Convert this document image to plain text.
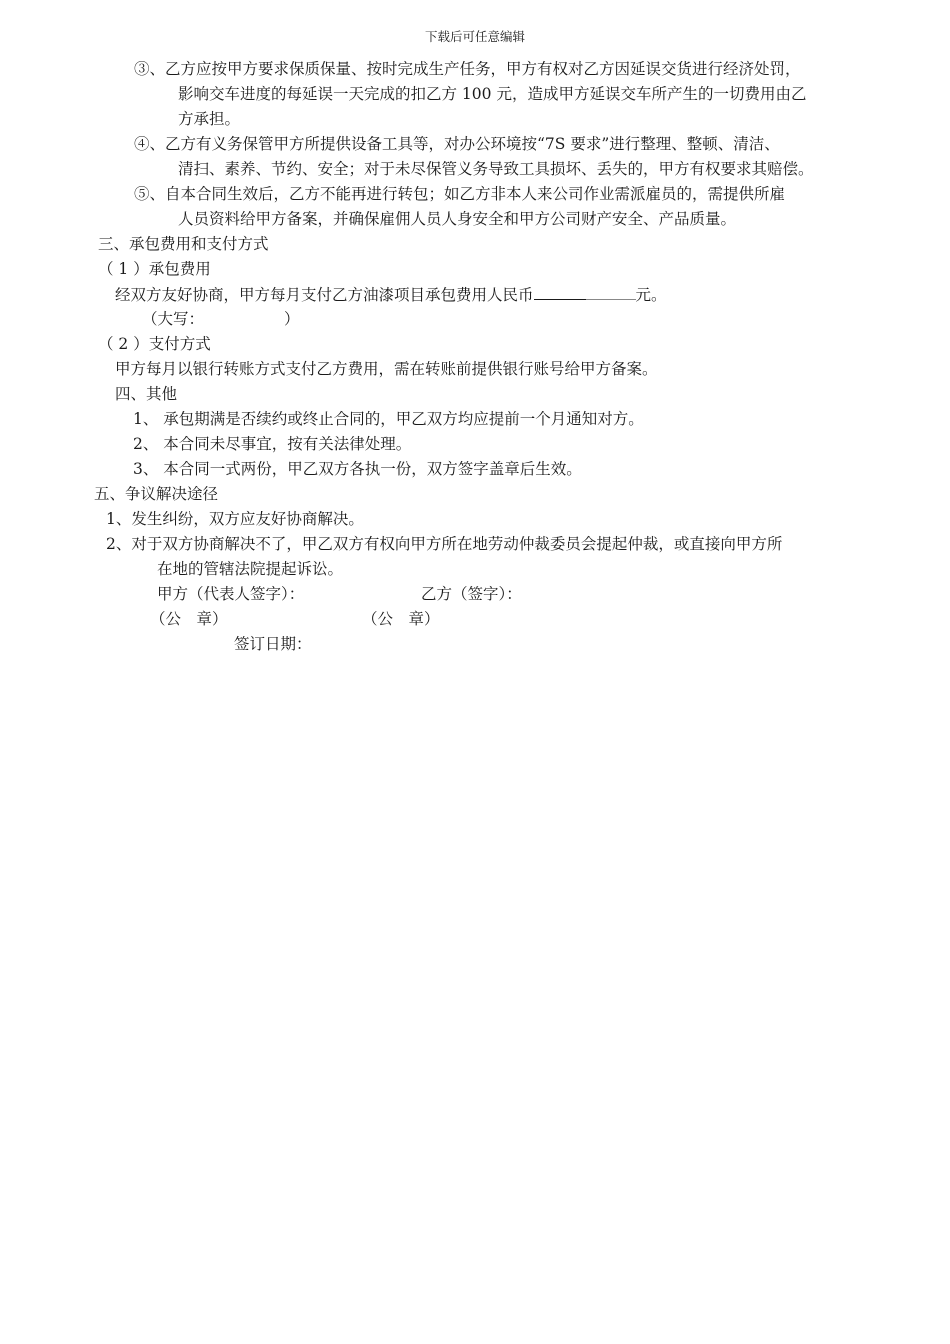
下载后可任意编辑
③、乙方应按甲方要求保质保量、按时完成生产任务，甲方有权对乙方因延误交货进行经济处罚，
影响交车进度的每延误一天完成的扣乙方 100 元，造成甲方延误交车所产生的一切费用由乙
方承担。
④、乙方有义务保管甲方所提供设备工具等，对办公环境按“7S 要求”进行整理、整顿、清洁、
清扫、素养、节约、安全；对于未尽保管义务导致工具损坏、丢失的，甲方有权要求其赔偿。
⑤、自本合同生效后，乙方不能再进行转包；如乙方非本人来公司作业需派雇员的，需提供所雇
人员资料给甲方备案，并确保雇佣人员人身安全和甲方公司财产安全、产品质量。
三、承包费用和支付方式
（ 1 ）承包费用
经双方友好协商，甲方每月支付乙方油漆项目承包费用人民币	元。
（大写：	）
（ 2 ）支付方式
甲方每月以银行转账方式支付乙方费用，需在转账前提供银行账号给甲方备案。
四、其他
1、 承包期满是否续约或终止合同的，甲乙双方均应提前一个月通知对方。
2、 本合同未尽事宜，按有关法律处理。
3、 本合同一式两份，甲乙双方各执一份，双方签字盖章后生效。
五、争议解决途径
1、发生纠纷，双方应友好协商解决。
2、对于双方协商解决不了，甲乙双方有权向甲方所在地劳动仲裁委员会提起仲裁，或直接向甲方所
在地的管辖法院提起诉讼。
甲方（代表人签字）：	乙方（签字）：
（公　章）	（公　章）
签订日期：
